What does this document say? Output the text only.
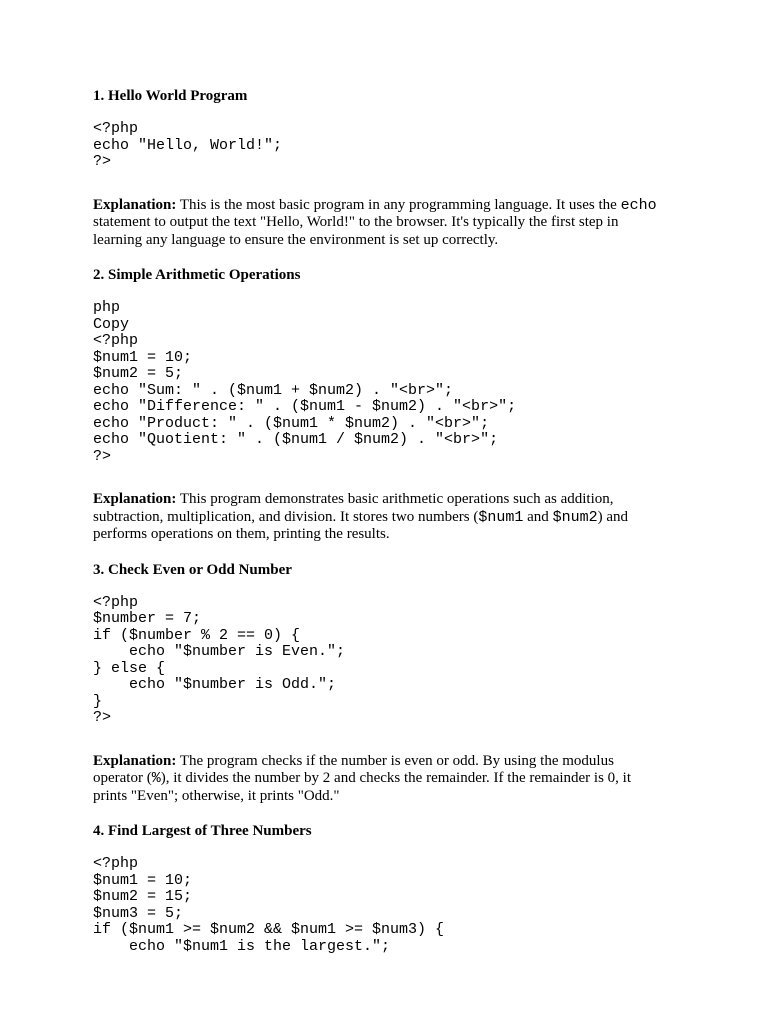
1. Hello World Program
<?php
echo "Hello, World!";
?>

Explanation: This is the most basic program in any programming language. It uses the echo statement to output the text "Hello, World!" to the browser. It's typically the first step in learning any language to ensure the environment is set up correctly.

2. Simple Arithmetic Operations
php
Copy
<?php
$num1 = 10;
$num2 = 5;
echo "Sum: " . ($num1 + $num2) . "<br>";
echo "Difference: " . ($num1 - $num2) . "<br>";
echo "Product: " . ($num1 * $num2) . "<br>";
echo "Quotient: " . ($num1 / $num2) . "<br>";
?>

Explanation: This program demonstrates basic arithmetic operations such as addition, subtraction, multiplication, and division. It stores two numbers ($num1 and $num2) and performs operations on them, printing the results.

3. Check Even or Odd Number
<?php
$number = 7;
if ($number % 2 == 0) {
echo "$number is Even.";
} else {
echo "$number is Odd.";
}
?>

Explanation: The program checks if the number is even or odd. By using the modulus operator (%), it divides the number by 2 and checks the remainder. If the remainder is 0, it prints "Even"; otherwise, it prints "Odd."

4. Find Largest of Three Numbers
<?php
$num1 = 10;
$num2 = 15;
$num3 = 5;
if ($num1 >= $num2 && $num1 >= $num3) {
echo "$num1 is the largest.";
